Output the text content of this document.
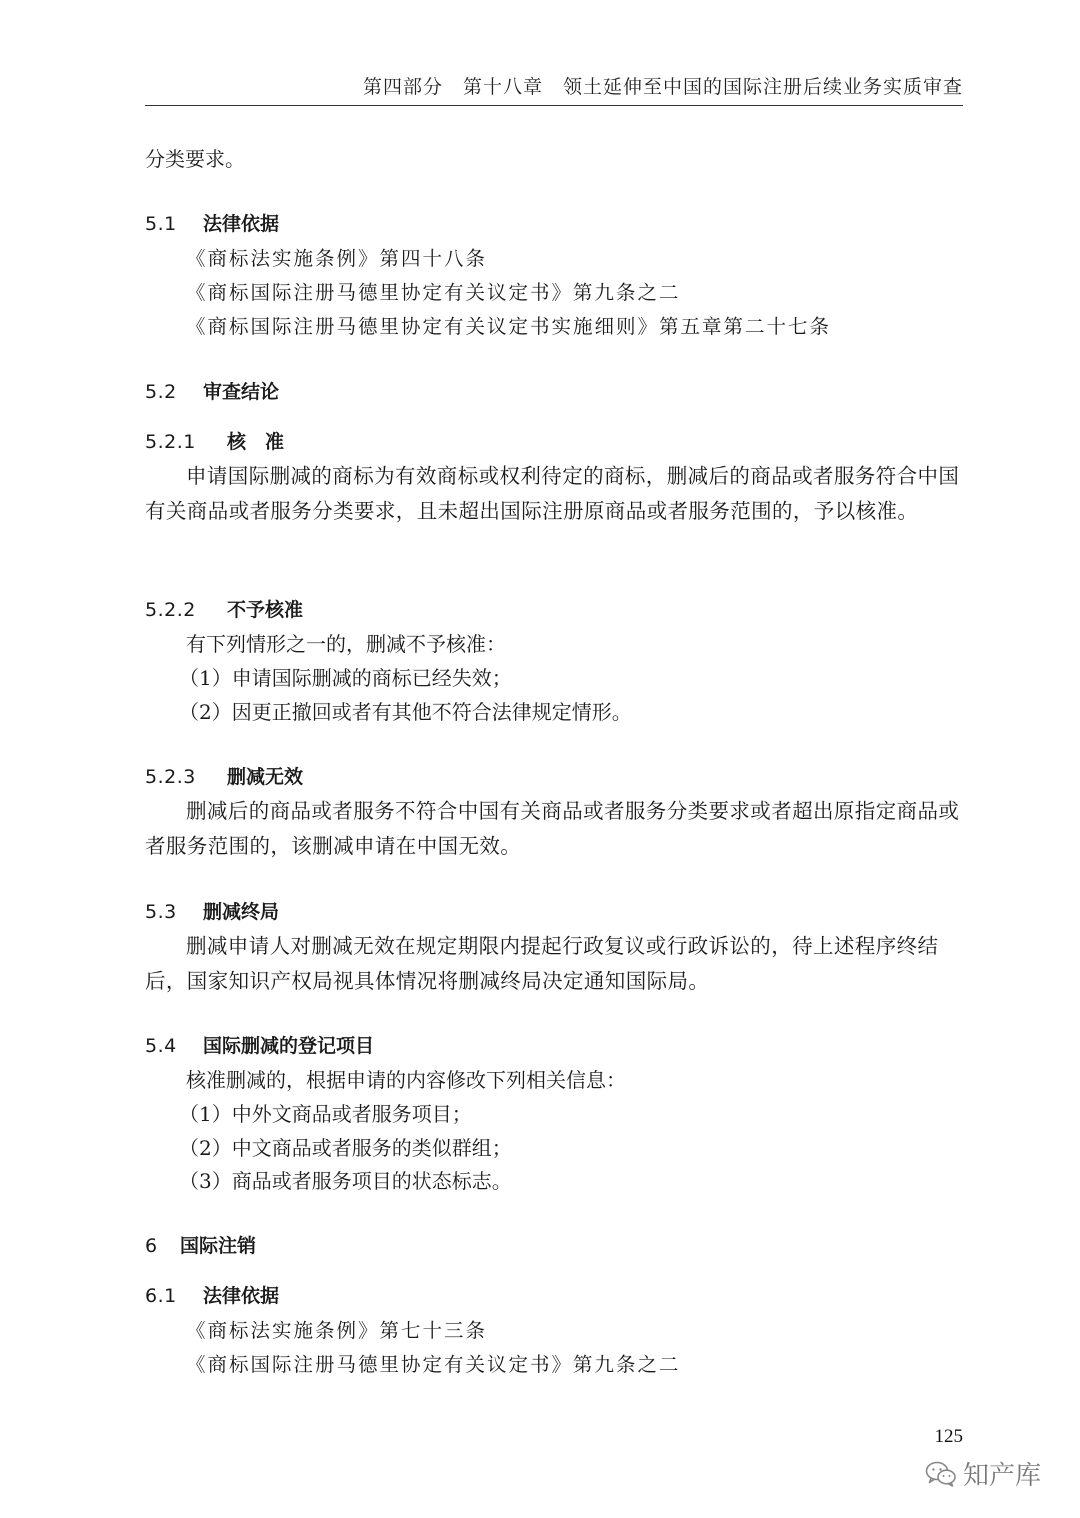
第四部分　第十八章　领土延伸至中国的国际注册后续业务实质审查
分类要求。
5.1 法律依据
《商标法实施条例》第四十八条
《商标国际注册马德里协定有关议定书》第九条之二
《商标国际注册马德里协定有关议定书实施细则》第五章第二十七条
5.2 审查结论
5.2.1 核　准
申请国际删减的商标为有效商标或权利待定的商标，删减后的商品或者服务符合中国有关商品或者服务分类要求，且未超出国际注册原商品或者服务范围的，予以核准。
5.2.2 不予核准
有下列情形之一的，删减不予核准：
（1）申请国际删减的商标已经失效；
（2）因更正撤回或者有其他不符合法律规定情形。
5.2.3 删减无效
删减后的商品或者服务不符合中国有关商品或者服务分类要求或者超出原指定商品或者服务范围的，该删减申请在中国无效。
5.3 删减终局
删减申请人对删减无效在规定期限内提起行政复议或行政诉讼的，待上述程序终结后，国家知识产权局视具体情况将删减终局决定通知国际局。
5.4 国际删减的登记项目
核准删减的，根据申请的内容修改下列相关信息：
（1）中外文商品或者服务项目；
（2）中文商品或者服务的类似群组；
（3）商品或者服务项目的状态标志。
6 国际注销
6.1 法律依据
《商标法实施条例》第七十三条
《商标国际注册马德里协定有关议定书》第九条之二
125
知产库
